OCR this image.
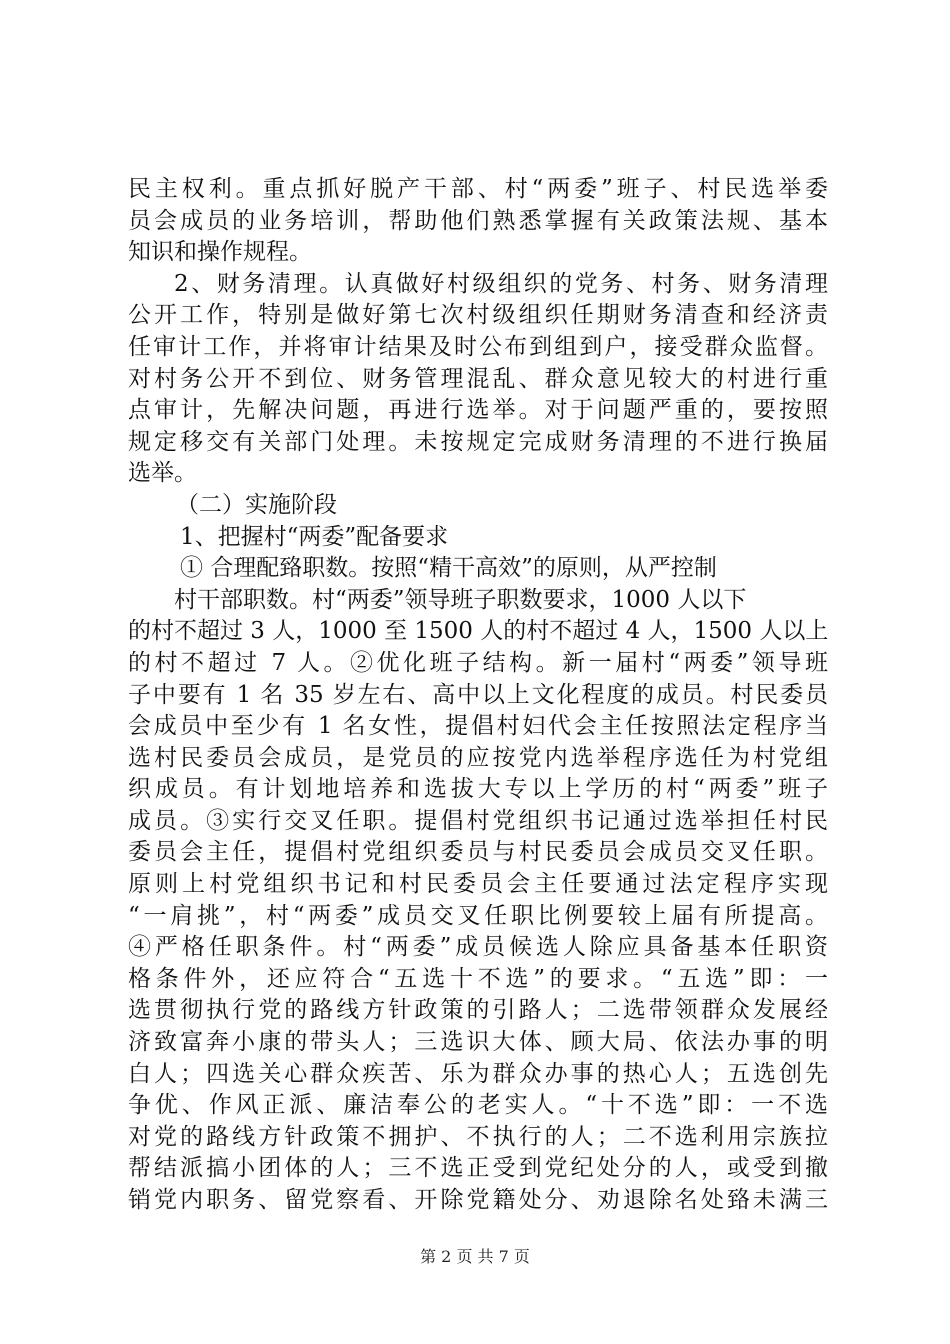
民主权利。重点抓好脱产干部、村“两委”班子、村民选举委
员会成员的业务培训，帮助他们熟悉掌握有关政策法规、基本
知识和操作规程。
2、财务清理。认真做好村级组织的党务、村务、财务清理
公开工作，特别是做好第七次村级组织任期财务清查和经济责
任审计工作，并将审计结果及时公布到组到户，接受群众监督。
对村务公开不到位、财务管理混乱、群众意见较大的村进行重
点审计，先解决问题，再进行选举。对于问题严重的，要按照
规定移交有关部门处理。未按规定完成财务清理的不进行换届
选举。
（二）实施阶段
1、把握村“两委”配备要求
① 合理配臵职数。按照“精干高效”的原则，从严控制
村干部职数。村“两委”领导班子职数要求，1000 人以下
的村不超过 3 人，1000 至 1500 人的村不超过 4 人，1500 人以上
的村不超过 7 人。②优化班子结构。新一届村“两委”领导班
子中要有 1 名 35 岁左右、高中以上文化程度的成员。村民委员
会成员中至少有 1 名女性，提倡村妇代会主任按照法定程序当
选村民委员会成员，是党员的应按党内选举程序选任为村党组
织成员。有计划地培养和选拔大专以上学历的村“两委”班子
成员。③实行交叉任职。提倡村党组织书记通过选举担任村民
委员会主任，提倡村党组织委员与村民委员会成员交叉任职。
原则上村党组织书记和村民委员会主任要通过法定程序实现
“一肩挑”，村“两委”成员交叉任职比例要较上届有所提高。
④严格任职条件。村“两委”成员候选人除应具备基本任职资
格条件外，还应符合“五选十不选”的要求。“五选”即：一
选贯彻执行党的路线方针政策的引路人；二选带领群众发展经
济致富奔小康的带头人；三选识大体、顾大局、依法办事的明
白人；四选关心群众疾苦、乐为群众办事的热心人；五选创先
争优、作风正派、廉洁奉公的老实人。“十不选”即：一不选
对党的路线方针政策不拥护、不执行的人；二不选利用宗族拉
帮结派搞小团体的人；三不选正受到党纪处分的人，或受到撤
销党内职务、留党察看、开除党籍处分、劝退除名处臵未满三
第 2 页 共 7 页
